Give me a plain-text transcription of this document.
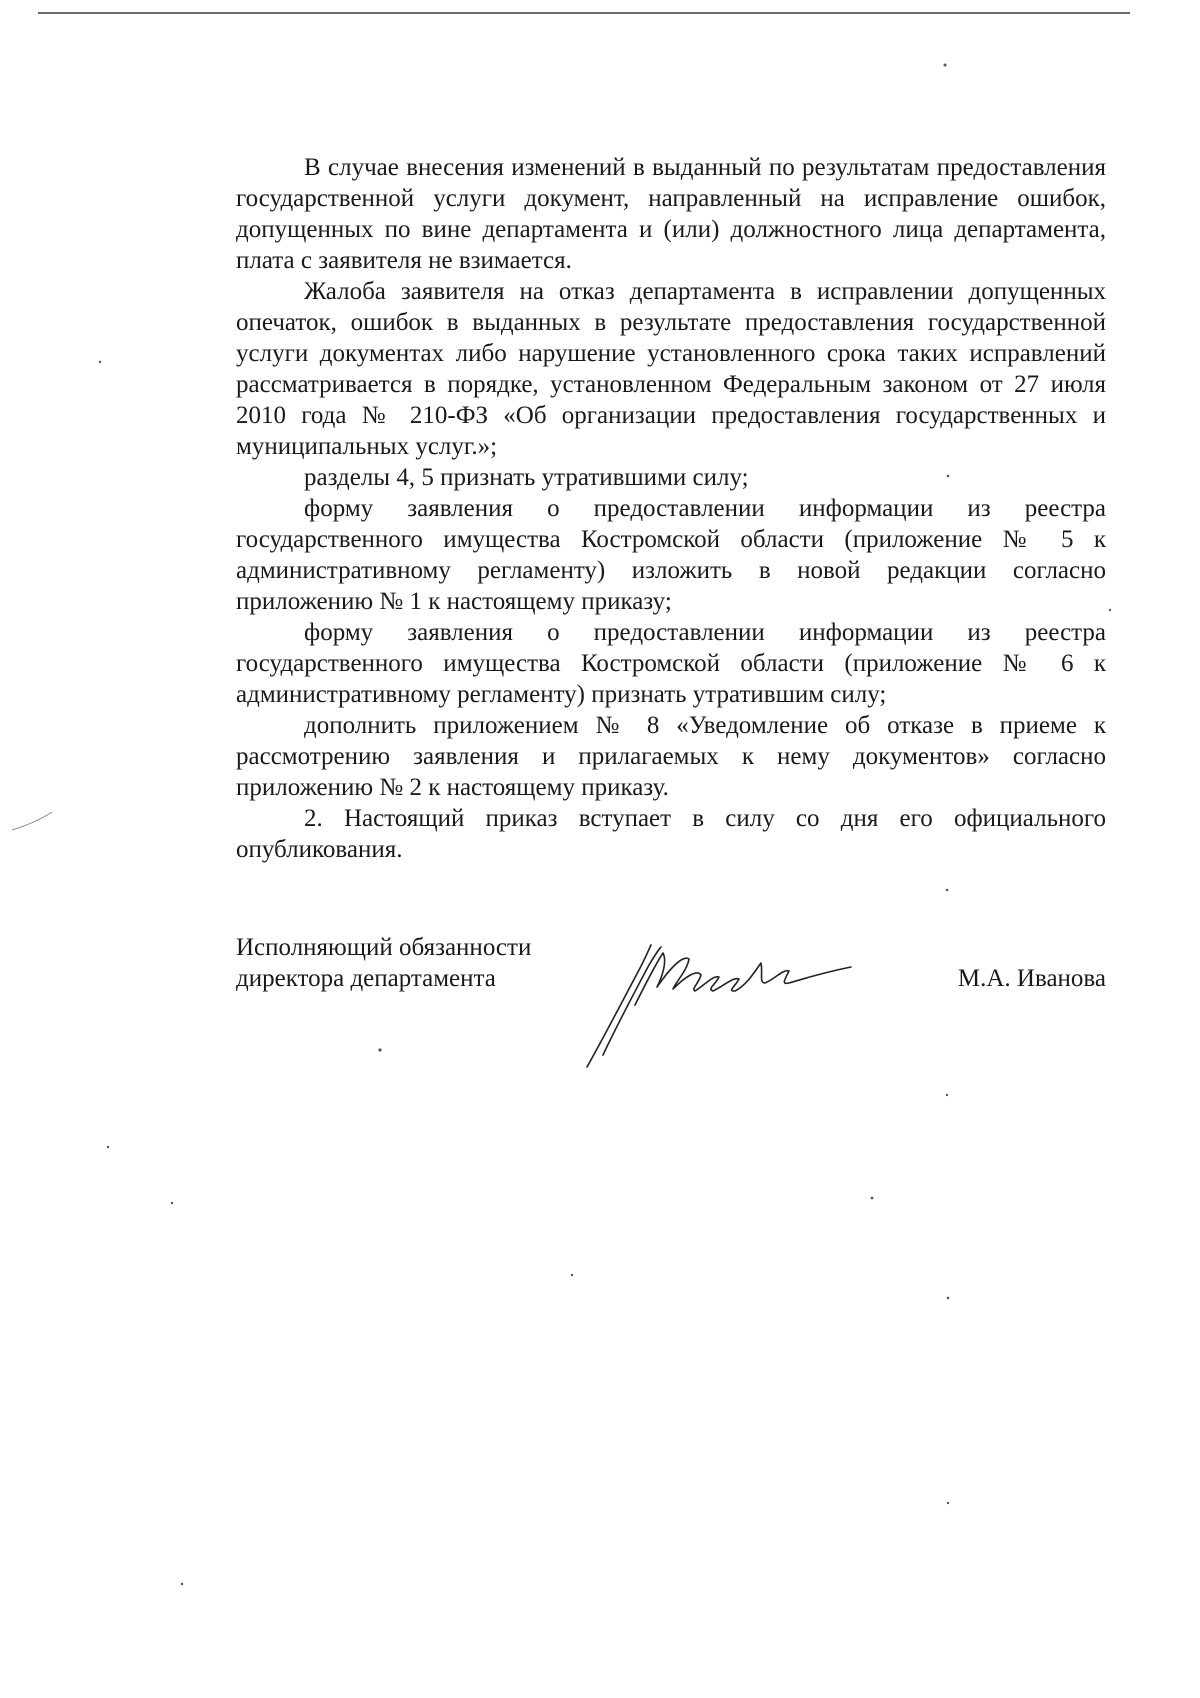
В случае внесения изменений в выданный по результатам предоставления государственной услуги документ, направленный на исправление ошибок, допущенных по вине департамента и (или) должностного лица департамента, плата с заявителя не взимается.

Жалоба заявителя на отказ департамента в исправлении допущенных опечаток, ошибок в выданных в результате предоставления государственной услуги документах либо нарушение установленного срока таких исправлений рассматривается в порядке, установленном Федеральным законом от 27 июля 2010 года № 210-ФЗ «Об организации предоставления государственных и муниципальных услуг.»;

разделы 4, 5 признать утратившими силу;

форму заявления о предоставлении информации из реестра государственного имущества Костромской области (приложение № 5 к административному регламенту) изложить в новой редакции согласно приложению № 1 к настоящему приказу;

форму заявления о предоставлении информации из реестра государственного имущества Костромской области (приложение № 6 к административному регламенту) признать утратившим силу;

дополнить приложением № 8 «Уведомление об отказе в приеме к рассмотрению заявления и прилагаемых к нему документов» согласно приложению № 2 к настоящему приказу.

2. Настоящий приказ вступает в силу со дня его официального опубликования.

Исполняющий обязанности
директора департамента	М.А. Иванова
